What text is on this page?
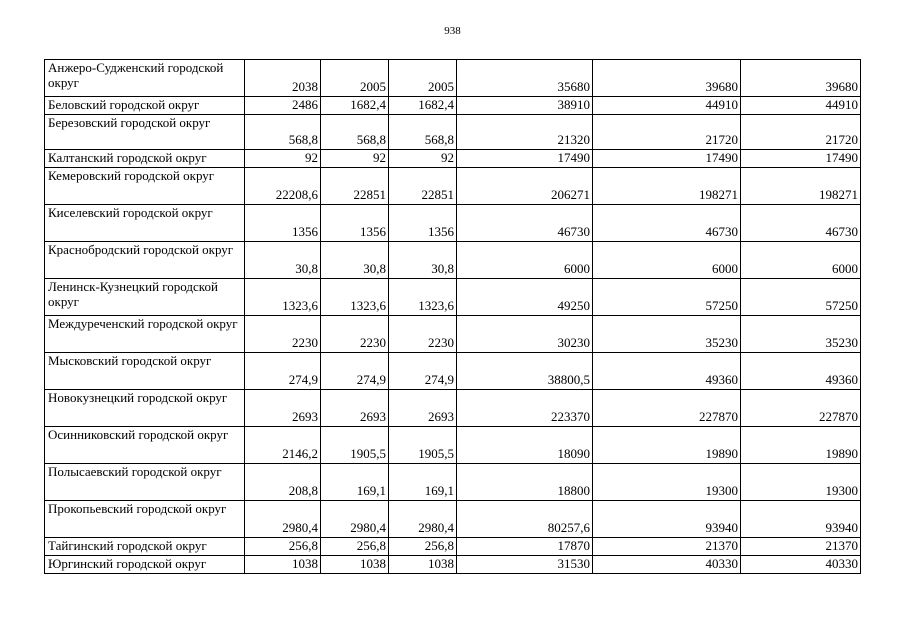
938
Анжеро-Судженский городской округ	2038	2005	2005	35680	39680	39680
Беловский городской округ	2486	1682,4	1682,4	38910	44910	44910
Березовский городской округ	568,8	568,8	568,8	21320	21720	21720
Калтанский городской округ	92	92	92	17490	17490	17490
Кемеровский городской округ	22208,6	22851	22851	206271	198271	198271
Киселевский городской округ	1356	1356	1356	46730	46730	46730
Краснобродский городской округ	30,8	30,8	30,8	6000	6000	6000
Ленинск-Кузнецкий городской округ	1323,6	1323,6	1323,6	49250	57250	57250
Междуреченский городской округ	2230	2230	2230	30230	35230	35230
Мысковский городской округ	274,9	274,9	274,9	38800,5	49360	49360
Новокузнецкий городской округ	2693	2693	2693	223370	227870	227870
Осинниковский городской округ	2146,2	1905,5	1905,5	18090	19890	19890
Полысаевский городской округ	208,8	169,1	169,1	18800	19300	19300
Прокопьевский городской округ	2980,4	2980,4	2980,4	80257,6	93940	93940
Тайгинский городской округ	256,8	256,8	256,8	17870	21370	21370
Юргинский городской округ	1038	1038	1038	31530	40330	40330
